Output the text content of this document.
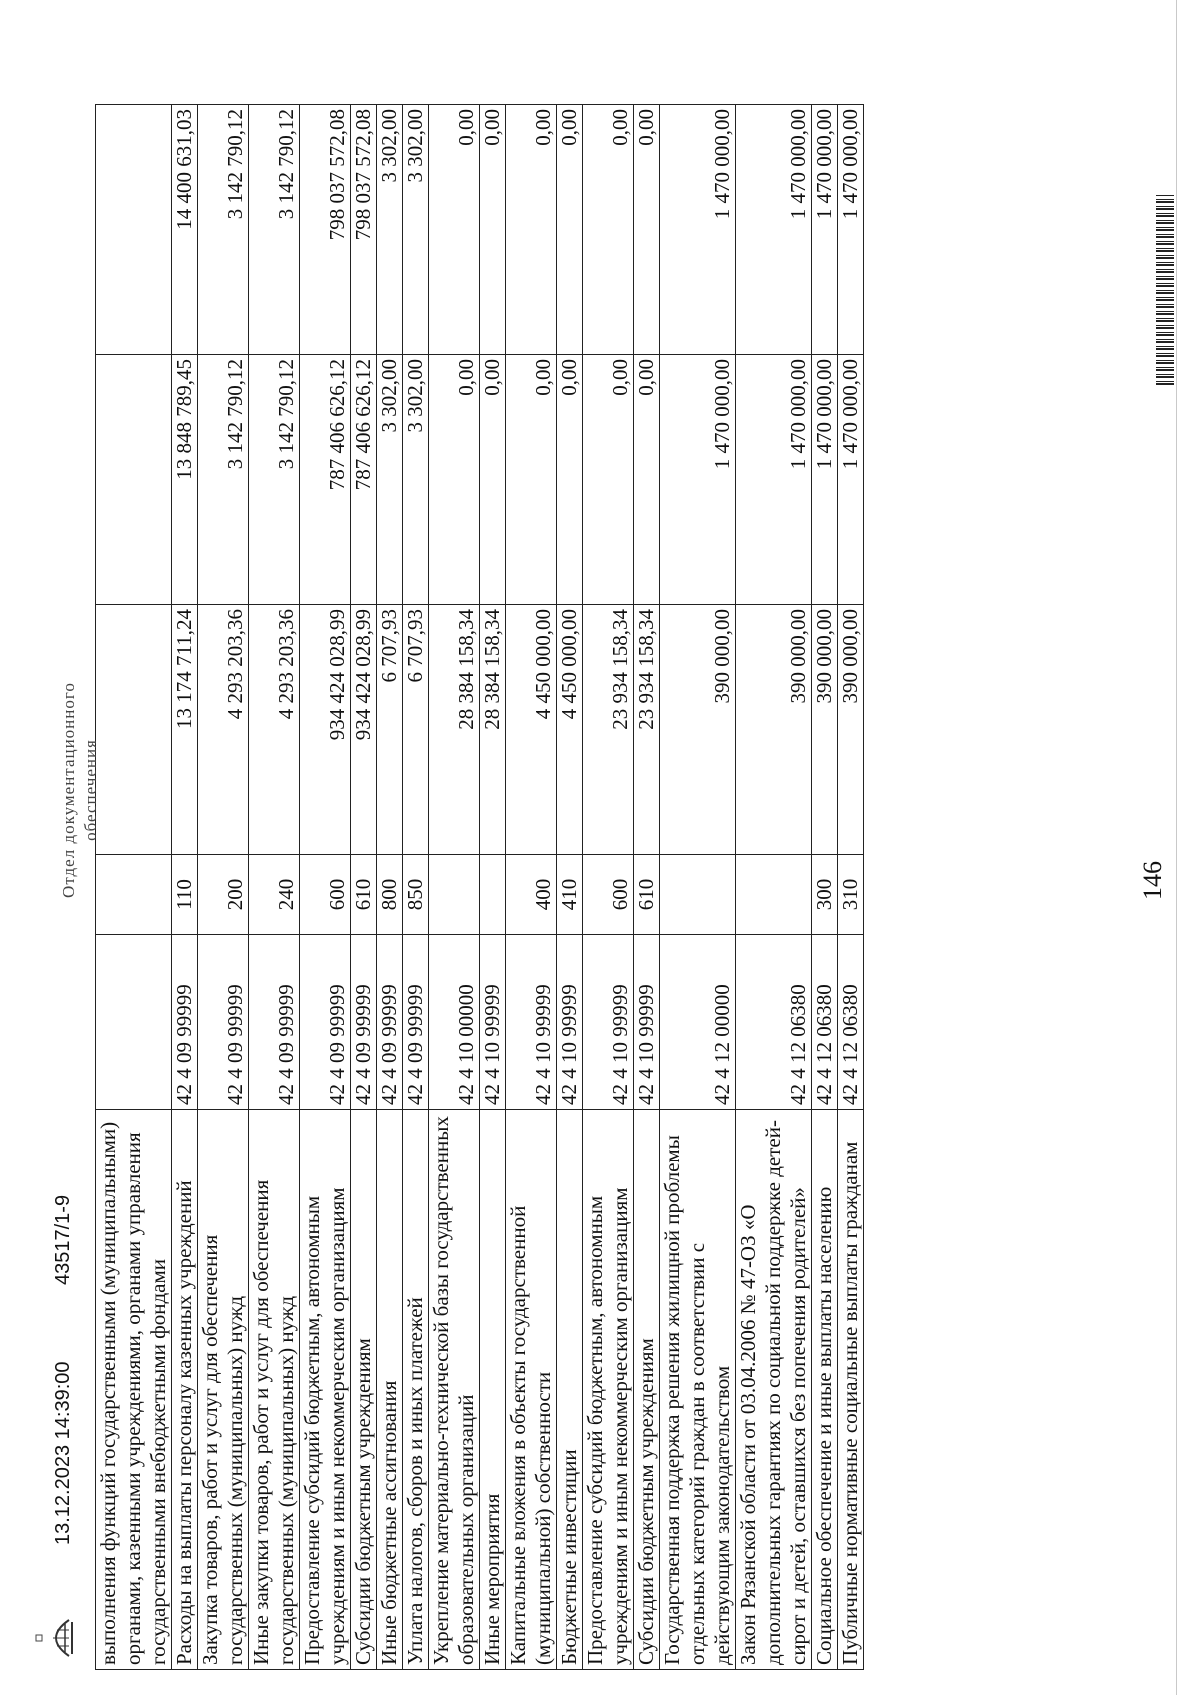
146
выполнения функций государственными (муниципальными) органами, казенными учреждениями, органами управления государственными внебюджетными фондами					
Расходы на выплаты персоналу казенных учреждений	42 4 09 99999	110	13 174 711,24	13 848 789,45	14 400 631,03
Закупка товаров, работ и услуг для обеспечения государственных (муниципальных) нужд	42 4 09 99999	200	4 293 203,36	3 142 790,12	3 142 790,12
Иные закупки товаров, работ и услуг для обеспечения государственных (муниципальных) нужд	42 4 09 99999	240	4 293 203,36	3 142 790,12	3 142 790,12
Предоставление субсидий бюджетным, автономным учреждениям и иным некоммерческим организациям	42 4 09 99999	600	934 424 028,99	787 406 626,12	798 037 572,08
Субсидии бюджетным учреждениям	42 4 09 99999	610	934 424 028,99	787 406 626,12	798 037 572,08
Иные бюджетные ассигнования	42 4 09 99999	800	6 707,93	3 302,00	3 302,00
Уплата налогов, сборов и иных платежей	42 4 09 99999	850	6 707,93	3 302,00	3 302,00
Укрепление материально-технической базы государственных образовательных организаций	42 4 10 00000		28 384 158,34	0,00	0,00
Иные мероприятия	42 4 10 99999		28 384 158,34	0,00	0,00
Капитальные вложения в объекты государственной (муниципальной) собственности	42 4 10 99999	400	4 450 000,00	0,00	0,00
Бюджетные инвестиции	42 4 10 99999	410	4 450 000,00	0,00	0,00
Предоставление субсидий бюджетным, автономным учреждениям и иным некоммерческим организациям	42 4 10 99999	600	23 934 158,34	0,00	0,00
Субсидии бюджетным учреждениям	42 4 10 99999	610	23 934 158,34	0,00	0,00
Государственная поддержка решения жилищной проблемы отдельных категорий граждан в соответствии с действующим законодательством	42 4 12 00000		390 000,00	1 470 000,00	1 470 000,00
Закон Рязанской области от 03.04.2006 № 47-ОЗ «О дополнительных гарантиях по социальной поддержке детей-сирот и детей, оставшихся без попечения родителей»	42 4 12 06380		390 000,00	1 470 000,00	1 470 000,00
Социальное обеспечение и иные выплаты населению	42 4 12 06380	300	390 000,00	1 470 000,00	1 470 000,00
Публичные нормативные социальные выплаты гражданам	42 4 12 06380	310	390 000,00	1 470 000,00	1 470 000,00
13.12.2023 14:39:00
43517/1-9
Отдел документационного обеспечения
